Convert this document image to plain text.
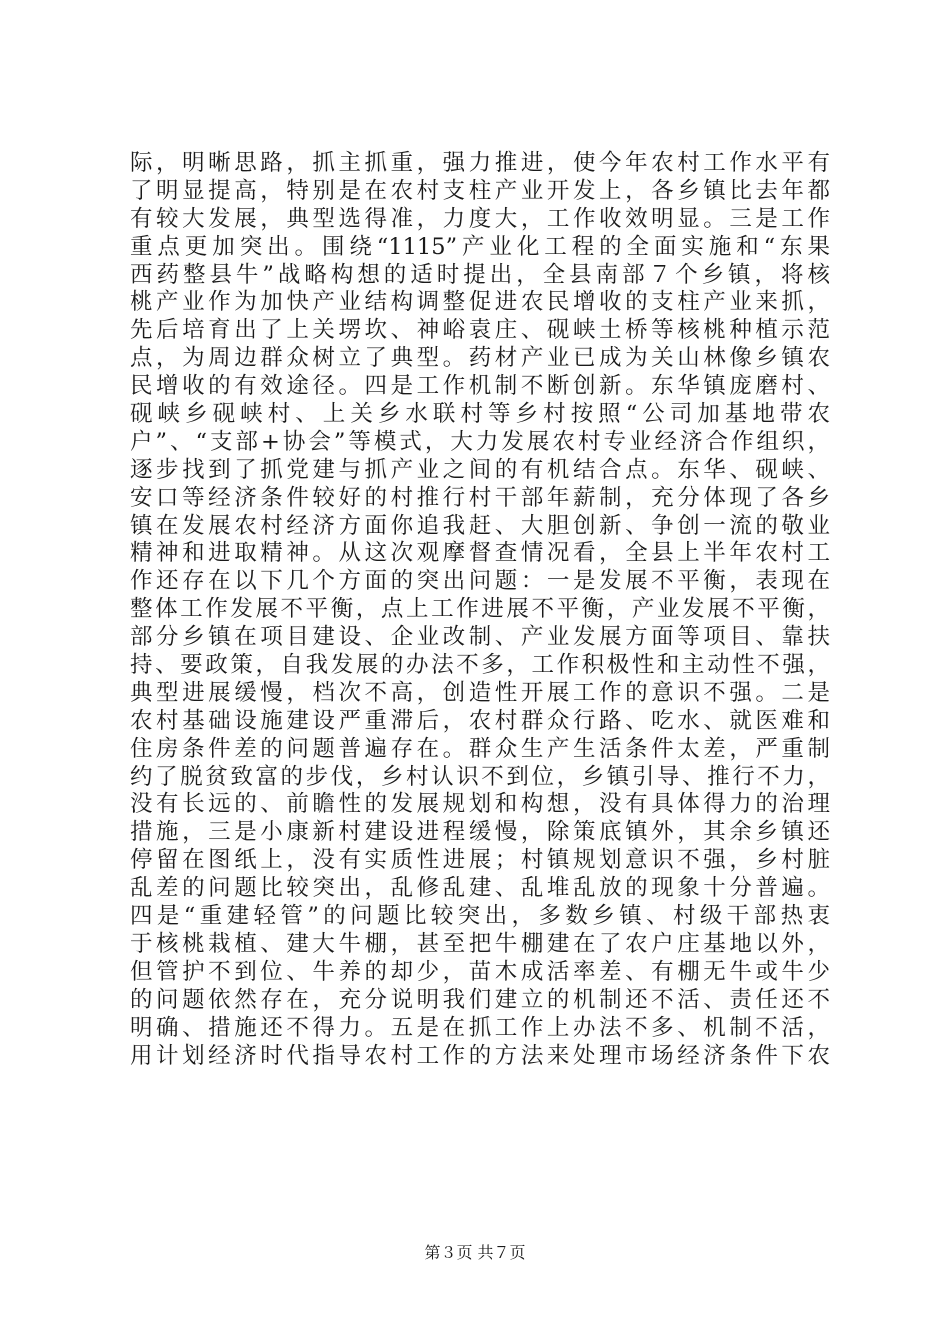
际，明晰思路，抓主抓重，强力推进，使今年农村工作水平有
了明显提高，特别是在农村支柱产业开发上，各乡镇比去年都
有较大发展，典型选得准，力度大，工作收效明显。三是工作
重点更加突出。围绕“1115”产业化工程的全面实施和“东果
西药整县牛”战略构想的适时提出，全县南部７个乡镇，将核
桃产业作为加快产业结构调整促进农民增收的支柱产业来抓，
先后培育出了上关塄坎、神峪袁庄、砚峡土桥等核桃种植示范
点，为周边群众树立了典型。药材产业已成为关山林像乡镇农
民增收的有效途径。四是工作机制不断创新。东华镇庞磨村、
砚峡乡砚峡村、上关乡水联村等乡村按照“公司加基地带农
户”、“支部+协会”等模式，大力发展农村专业经济合作组织，
逐步找到了抓党建与抓产业之间的有机结合点。东华、砚峡、
安口等经济条件较好的村推行村干部年薪制，充分体现了各乡
镇在发展农村经济方面你追我赶、大胆创新、争创一流的敬业
精神和进取精神。从这次观摩督查情况看，全县上半年农村工
作还存在以下几个方面的突出问题：一是发展不平衡，表现在
整体工作发展不平衡，点上工作进展不平衡，产业发展不平衡，
部分乡镇在项目建设、企业改制、产业发展方面等项目、靠扶
持、要政策，自我发展的办法不多，工作积极性和主动性不强，
典型进展缓慢，档次不高，创造性开展工作的意识不强。二是
农村基础设施建设严重滞后，农村群众行路、吃水、就医难和
住房条件差的问题普遍存在。群众生产生活条件太差，严重制
约了脱贫致富的步伐，乡村认识不到位，乡镇引导、推行不力，
没有长远的、前瞻性的发展规划和构想，没有具体得力的治理
措施，三是小康新村建设进程缓慢，除策底镇外，其余乡镇还
停留在图纸上，没有实质性进展；村镇规划意识不强，乡村脏
乱差的问题比较突出，乱修乱建、乱堆乱放的现象十分普遍。
四是“重建轻管”的问题比较突出，多数乡镇、村级干部热衷
于核桃栽植、建大牛棚，甚至把牛棚建在了农户庄基地以外，
但管护不到位、牛养的却少，苗木成活率差、有棚无牛或牛少
的问题依然存在，充分说明我们建立的机制还不活、责任还不
明确、措施还不得力。五是在抓工作上办法不多、机制不活，
用计划经济时代指导农村工作的方法来处理市场经济条件下农
第３页 共７页
